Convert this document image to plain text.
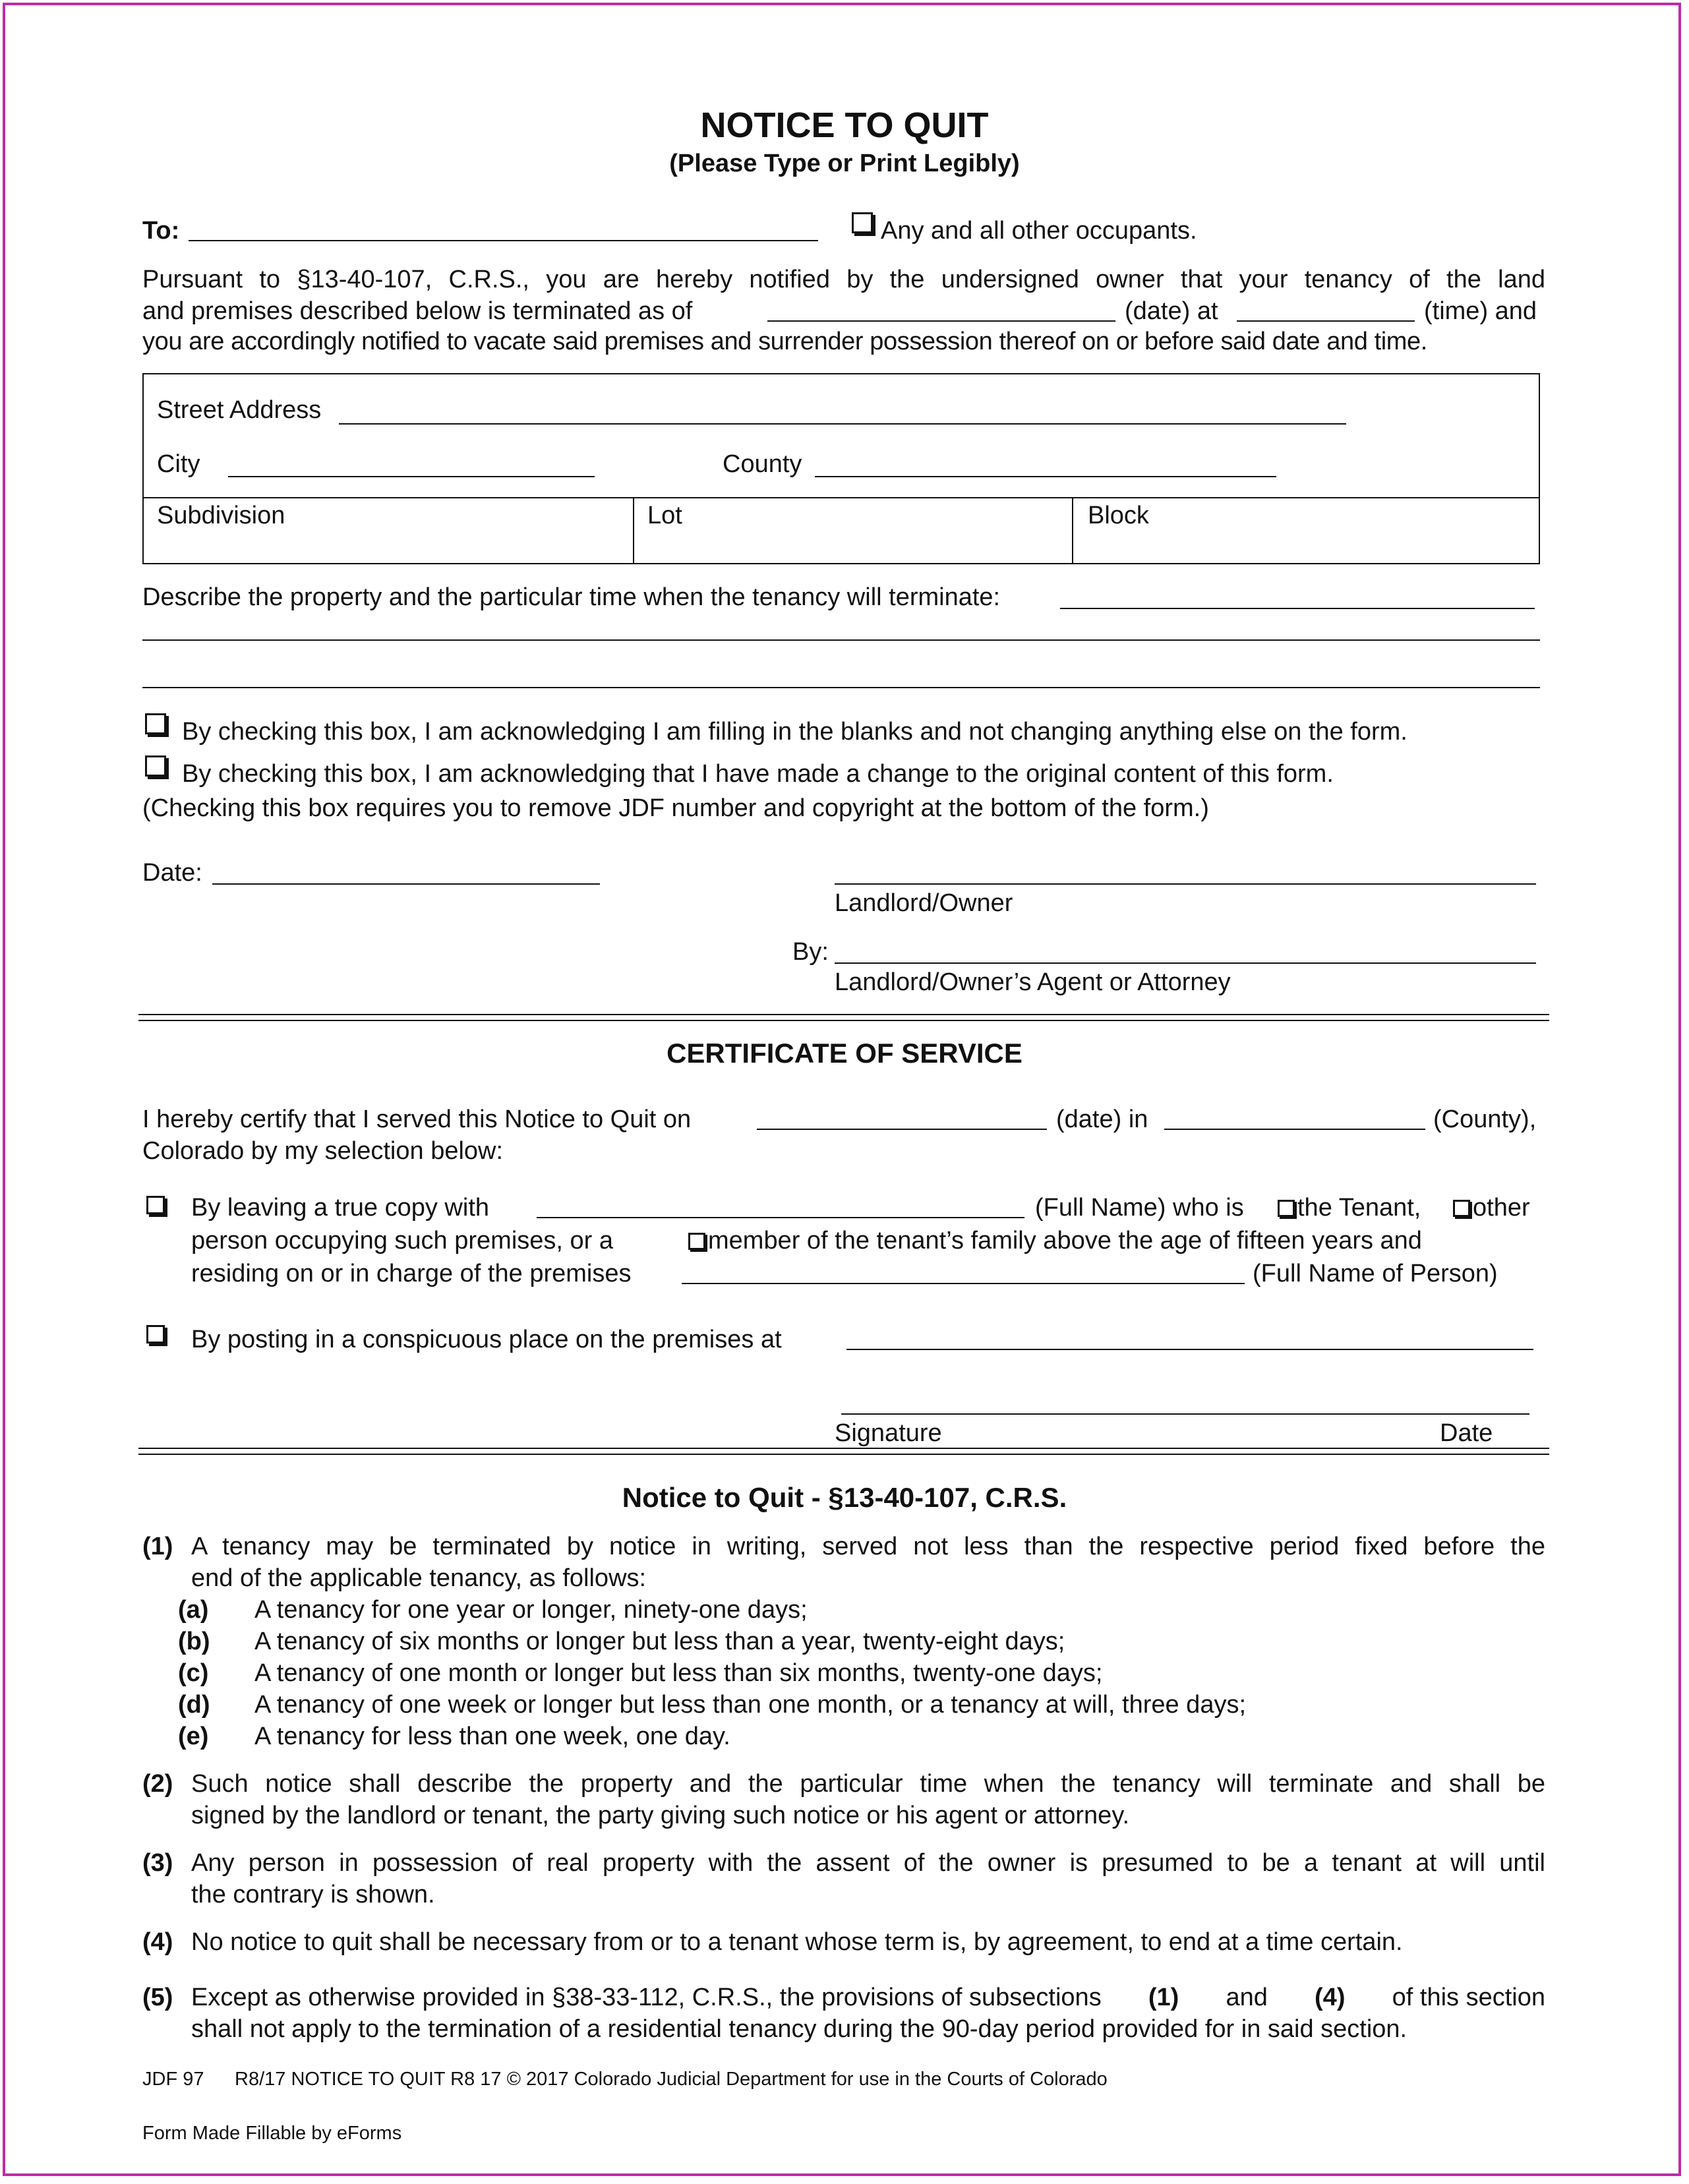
NOTICE TO QUIT
(Please Type or Print Legibly)
To:	Any and all other occupants.
Pursuant to §13-40-107, C.R.S., you are hereby notified by the undersigned owner that your tenancy of the land
and premises described below is terminated as of	(date) at	(time) and
you are accordingly notified to vacate said premises and surrender possession thereof on or before said date and time.
Street Address
City	County
Subdivision	Lot	Block
Describe the property and the particular time when the tenancy will terminate:
By checking this box, I am acknowledging I am filling in the blanks and not changing anything else on the form.
By checking this box, I am acknowledging that I have made a change to the original content of this form.
(Checking this box requires you to remove JDF number and copyright at the bottom of the form.)
Date:
Landlord/Owner
By:
Landlord/Owner’s Agent or Attorney
CERTIFICATE OF SERVICE
I hereby certify that I served this Notice to Quit on	(date) in	(County),
Colorado by my selection below:
By leaving a true copy with	(Full Name) who is	the Tenant,	other
person occupying such premises, or a	member of the tenant’s family above the age of fifteen years and
residing on or in charge of the premises	(Full Name of Person)
By posting in a conspicuous place on the premises at
Signature	Date
Notice to Quit - §13-40-107, C.R.S.
(1) A tenancy may be terminated by notice in writing, served not less than the respective period fixed before the
end of the applicable tenancy, as follows:
(a) A tenancy for one year or longer, ninety-one days;
(b) A tenancy of six months or longer but less than a year, twenty-eight days;
(c) A tenancy of one month or longer but less than six months, twenty-one days;
(d) A tenancy of one week or longer but less than one month, or a tenancy at will, three days;
(e) A tenancy for less than one week, one day.
(2) Such notice shall describe the property and the particular time when the tenancy will terminate and shall be
signed by the landlord or tenant, the party giving such notice or his agent or attorney.
(3) Any person in possession of real property with the assent of the owner is presumed to be a tenant at will until
the contrary is shown.
(4) No notice to quit shall be necessary from or to a tenant whose term is, by agreement, to end at a time certain.
(5) Except as otherwise provided in §38-33-112, C.R.S., the provisions of subsections (1) and (4) of this section
shall not apply to the termination of a residential tenancy during the 90-day period provided for in said section.
JDF 97 R8/17 NOTICE TO QUIT R8 17 © 2017 Colorado Judicial Department for use in the Courts of Colorado
Form Made Fillable by eForms
